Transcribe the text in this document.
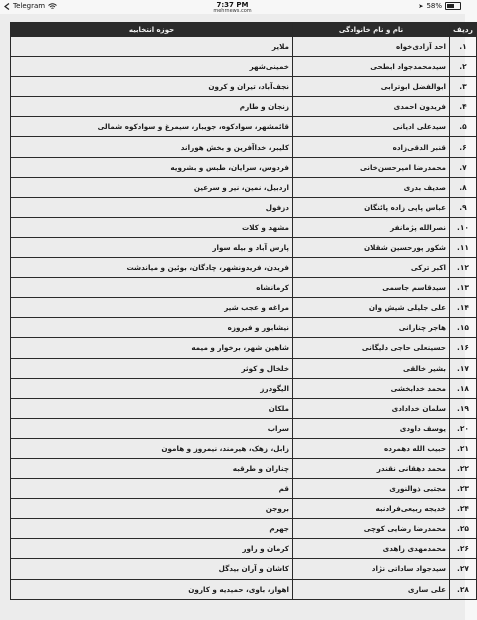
Telegram	7:37 PM
mehrnews.com
➤ 58%
ردیف	نام و نام خانوادگی	حوزه انتخابیه
۱.	احد آزادی‌خواه	ملایر
۲.	سیدمحمدجواد ابطحی	خمینی‌شهر
۳.	ابوالفضل ابوترابی	نجف‌آباد، تیران و کرون
۴.	فریدون احمدی	زنجان و طارم
۵.	سیدعلی ادیانی	قائمشهر، سوادکوه، جویبار، سیمرغ و سوادکوه شمالی
۶.	قنبر الدقی‌زاده	کلیبر، خداآفرین و بخش هوراند
۷.	محمدرضا امیرحسن‌خانی	فردوس، سرایان، طبس و بشرویه
۸.	صدیف بدری	اردبیل، نمین، نیر و سرعین
۹.	عباس پاپی زاده پائنگان	دزفول
۱۰.	نصرالله پژمانفر	مشهد و کلات
۱۱.	شکور پورحسین شقلان	پارس آباد و بیله سوار
۱۲.	اکبر ترکی	فریدن، فریدونشهر، چادگان، بوئین و میاندشت
۱۳.	سیدقاسم جاسمی	کرمانشاه
۱۴.	علی جلیلی شیش وان	مراغه و عجب شیر
۱۵.	هاجر چنارانی	نیشابور و فیروزه
۱۶.	حسینعلی حاجی دلیگانی	شاهین شهر، برخوار و میمه
۱۷.	بشیر خالقی	خلخال و کوثر
۱۸.	محمد خدابخشی	الیگودرز
۱۹.	سلمان خدادادی	ملکان
۲۰.	یوسف داودی	سراب
۲۱.	حبیب الله دهمرده	زابل، زهک، هیرمند، نیمروز و هامون
۲۲.	محمد دهقانی نقندر	چناران و طرقبه
۲۳.	مجتبی ذوالنوری	قم
۲۴.	خدیجه ربیعی‌فرادنبه	بروجن
۲۵.	محمدرضا رضایی کوچی	جهرم
۲۶.	محمدمهدی زاهدی	کرمان و راور
۲۷.	سیدجواد ساداتی نژاد	کاشان و آران بیدگل
۲۸.	علی ساری	اهواز، باوی، حمیدیه و کارون
